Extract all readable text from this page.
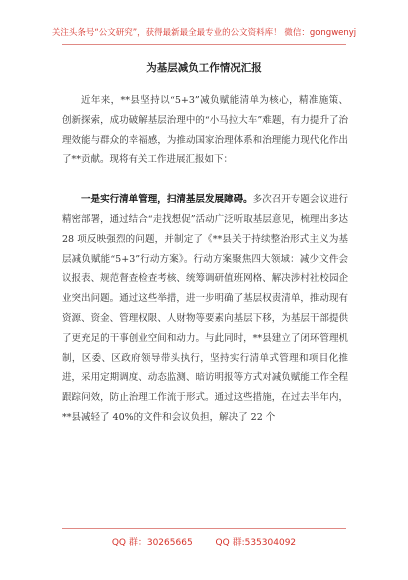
关注头条号“公文研究”，获得最新最全最专业的公文资料库！ 微信：gongwenyj
为基层减负工作情况汇报

近年来，**县坚持以“5+3”减负赋能清单为核心，精准施策、创新探索，成功破解基层治理中的“小马拉大车”难题，有力提升了治理效能与群众的幸福感，为推动国家治理体系和治理能力现代化作出了**贡献。现将有关工作进展汇报如下：

一是实行清单管理，扫清基层发展障碍。多次召开专题会议进行精密部署，通过结合“走找想促”活动广泛听取基层意见，梳理出多达 28 项反映强烈的问题，并制定了《**县关于持续整治形式主义为基层减负赋能“5+3”行动方案》。行动方案聚焦四大领域：减少文件会议报表、规范督查检查考核、统筹调研值班网格、解决涉村社校园企业突出问题。通过这些举措，进一步明确了基层权责清单，推动现有资源、资金、管理权限、人财物等要素向基层下移，为基层干部提供了更充足的干事创业空间和动力。与此同时，**县建立了闭环管理机制，区委、区政府领导带头执行，坚持实行清单式管理和项目化推进，采用定期调度、动态监测、暗访明报等方式对减负赋能工作全程跟踪问效，防止治理工作流于形式。通过这些措施，在过去半年内，**县减轻了 40%的文件和会议负担，解决了 22 个

QQ 群：30265665	QQ 群:535304092
